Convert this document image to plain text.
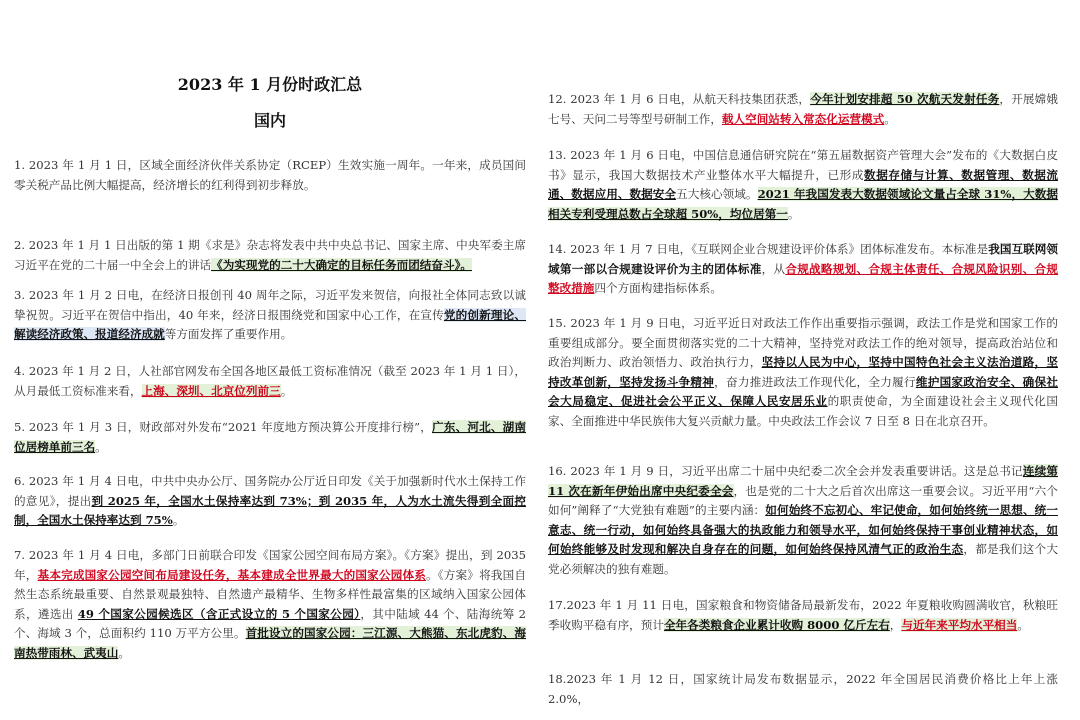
2023 年 1 月份时政汇总
国内
1. 2023 年 1 月 1 日，区域全面经济伙伴关系协定（RCEP）生效实施一周年。一年来，成员国间零关税产品比例大幅提高，经济增长的红利得到初步释放。
2. 2023 年 1 月 1 日出版的第 1 期《求是》杂志将发表中共中央总书记、国家主席、中央军委主席习近平在党的二十届一中全会上的讲话《为实现党的二十大确定的目标任务而团结奋斗》。
3. 2023 年 1 月 2 日电，在经济日报创刊 40 周年之际，习近平发来贺信，向报社全体同志致以诚挚祝贺。习近平在贺信中指出，40 年来，经济日报围绕党和国家中心工作，在宣传党的创新理论、解读经济政策、报道经济成就等方面发挥了重要作用。
4. 2023 年 1 月 2 日，人社部官网发布全国各地区最低工资标准情况（截至 2023 年 1 月 1 日），从月最低工资标准来看，上海、深圳、北京位列前三。
5. 2023 年 1 月 3 日，财政部对外发布“2021 年度地方预决算公开度排行榜”，广东、河北、湖南位居榜单前三名。
6. 2023 年 1 月 4 日电，中共中央办公厅、国务院办公厅近日印发《关于加强新时代水土保持工作的意见》，提出到 2025 年，全国水土保持率达到 73%；到 2035 年，人为水土流失得到全面控制，全国水土保持率达到 75%。
7. 2023 年 1 月 4 日电，多部门日前联合印发《国家公园空间布局方案》。《方案》提出，到 2035 年，基本完成国家公园空间布局建设任务，基本建成全世界最大的国家公园体系。《方案》将我国自然生态系统最重要、自然景观最独特、自然遗产最精华、生物多样性最富集的区域纳入国家公园体系，遴选出 49 个国家公园候选区（含正式设立的 5 个国家公园），其中陆域 44 个、陆海统筹 2 个、海域 3 个，总面积约 110 万平方公里。首批设立的国家公园：三江源、大熊猫、东北虎豹、海南热带雨林、武夷山。
12. 2023 年 1 月 6 日电，从航天科技集团获悉，今年计划安排超 50 次航天发射任务，开展嫦娥七号、天问二号等型号研制工作，载人空间站转入常态化运营模式。
13. 2023 年 1 月 6 日电，中国信息通信研究院在“第五届数据资产管理大会”发布的《大数据白皮书》显示，我国大数据技术产业整体水平大幅提升，已形成数据存储与计算、数据管理、数据流通、数据应用、数据安全五大核心领域。2021 年我国发表大数据领域论文量占全球 31%，大数据相关专利受理总数占全球超 50%，均位居第一。
14. 2023 年 1 月 7 日电，《互联网企业合规建设评价体系》团体标准发布。本标准是我国互联网领域第一部以合规建设评价为主的团体标准，从合规战略规划、合规主体责任、合规风险识别、合规整改措施四个方面构建指标体系。
15. 2023 年 1 月 9 日电，习近平近日对政法工作作出重要指示强调，政法工作是党和国家工作的重要组成部分。要全面贯彻落实党的二十大精神，坚持党对政法工作的绝对领导，提高政治站位和政治判断力、政治领悟力、政治执行力，坚持以人民为中心，坚持中国特色社会主义法治道路，坚持改革创新，坚持发扬斗争精神，奋力推进政法工作现代化，全力履行维护国家政治安全、确保社会大局稳定、促进社会公平正义、保障人民安居乐业的职责使命，为全面建设社会主义现代化国家、全面推进中华民族伟大复兴贡献力量。中央政法工作会议 7 日至 8 日在北京召开。
16. 2023 年 1 月 9 日，习近平出席二十届中央纪委二次全会并发表重要讲话。这是总书记连续第 11 次在新年伊始出席中央纪委全会，也是党的二十大之后首次出席这一重要会议。习近平用“六个如何”阐释了“大党独有难题”的主要内涵：如何始终不忘初心、牢记使命，如何始终统一思想、统一意志、统一行动，如何始终具备强大的执政能力和领导水平，如何始终保持干事创业精神状态，如何始终能够及时发现和解决自身存在的问题，如何始终保持风清气正的政治生态，都是我们这个大党必须解决的独有难题。
17.2023 年 1 月 11 日电，国家粮食和物资储备局最新发布，2022 年夏粮收购圆满收官，秋粮旺季收购平稳有序，预计全年各类粮食企业累计收购 8000 亿斤左右，与近年来平均水平相当。
18.2023 年 1 月 12 日，国家统计局发布数据显示，2022 年全国居民消费价格比上年上涨 2.0%，
